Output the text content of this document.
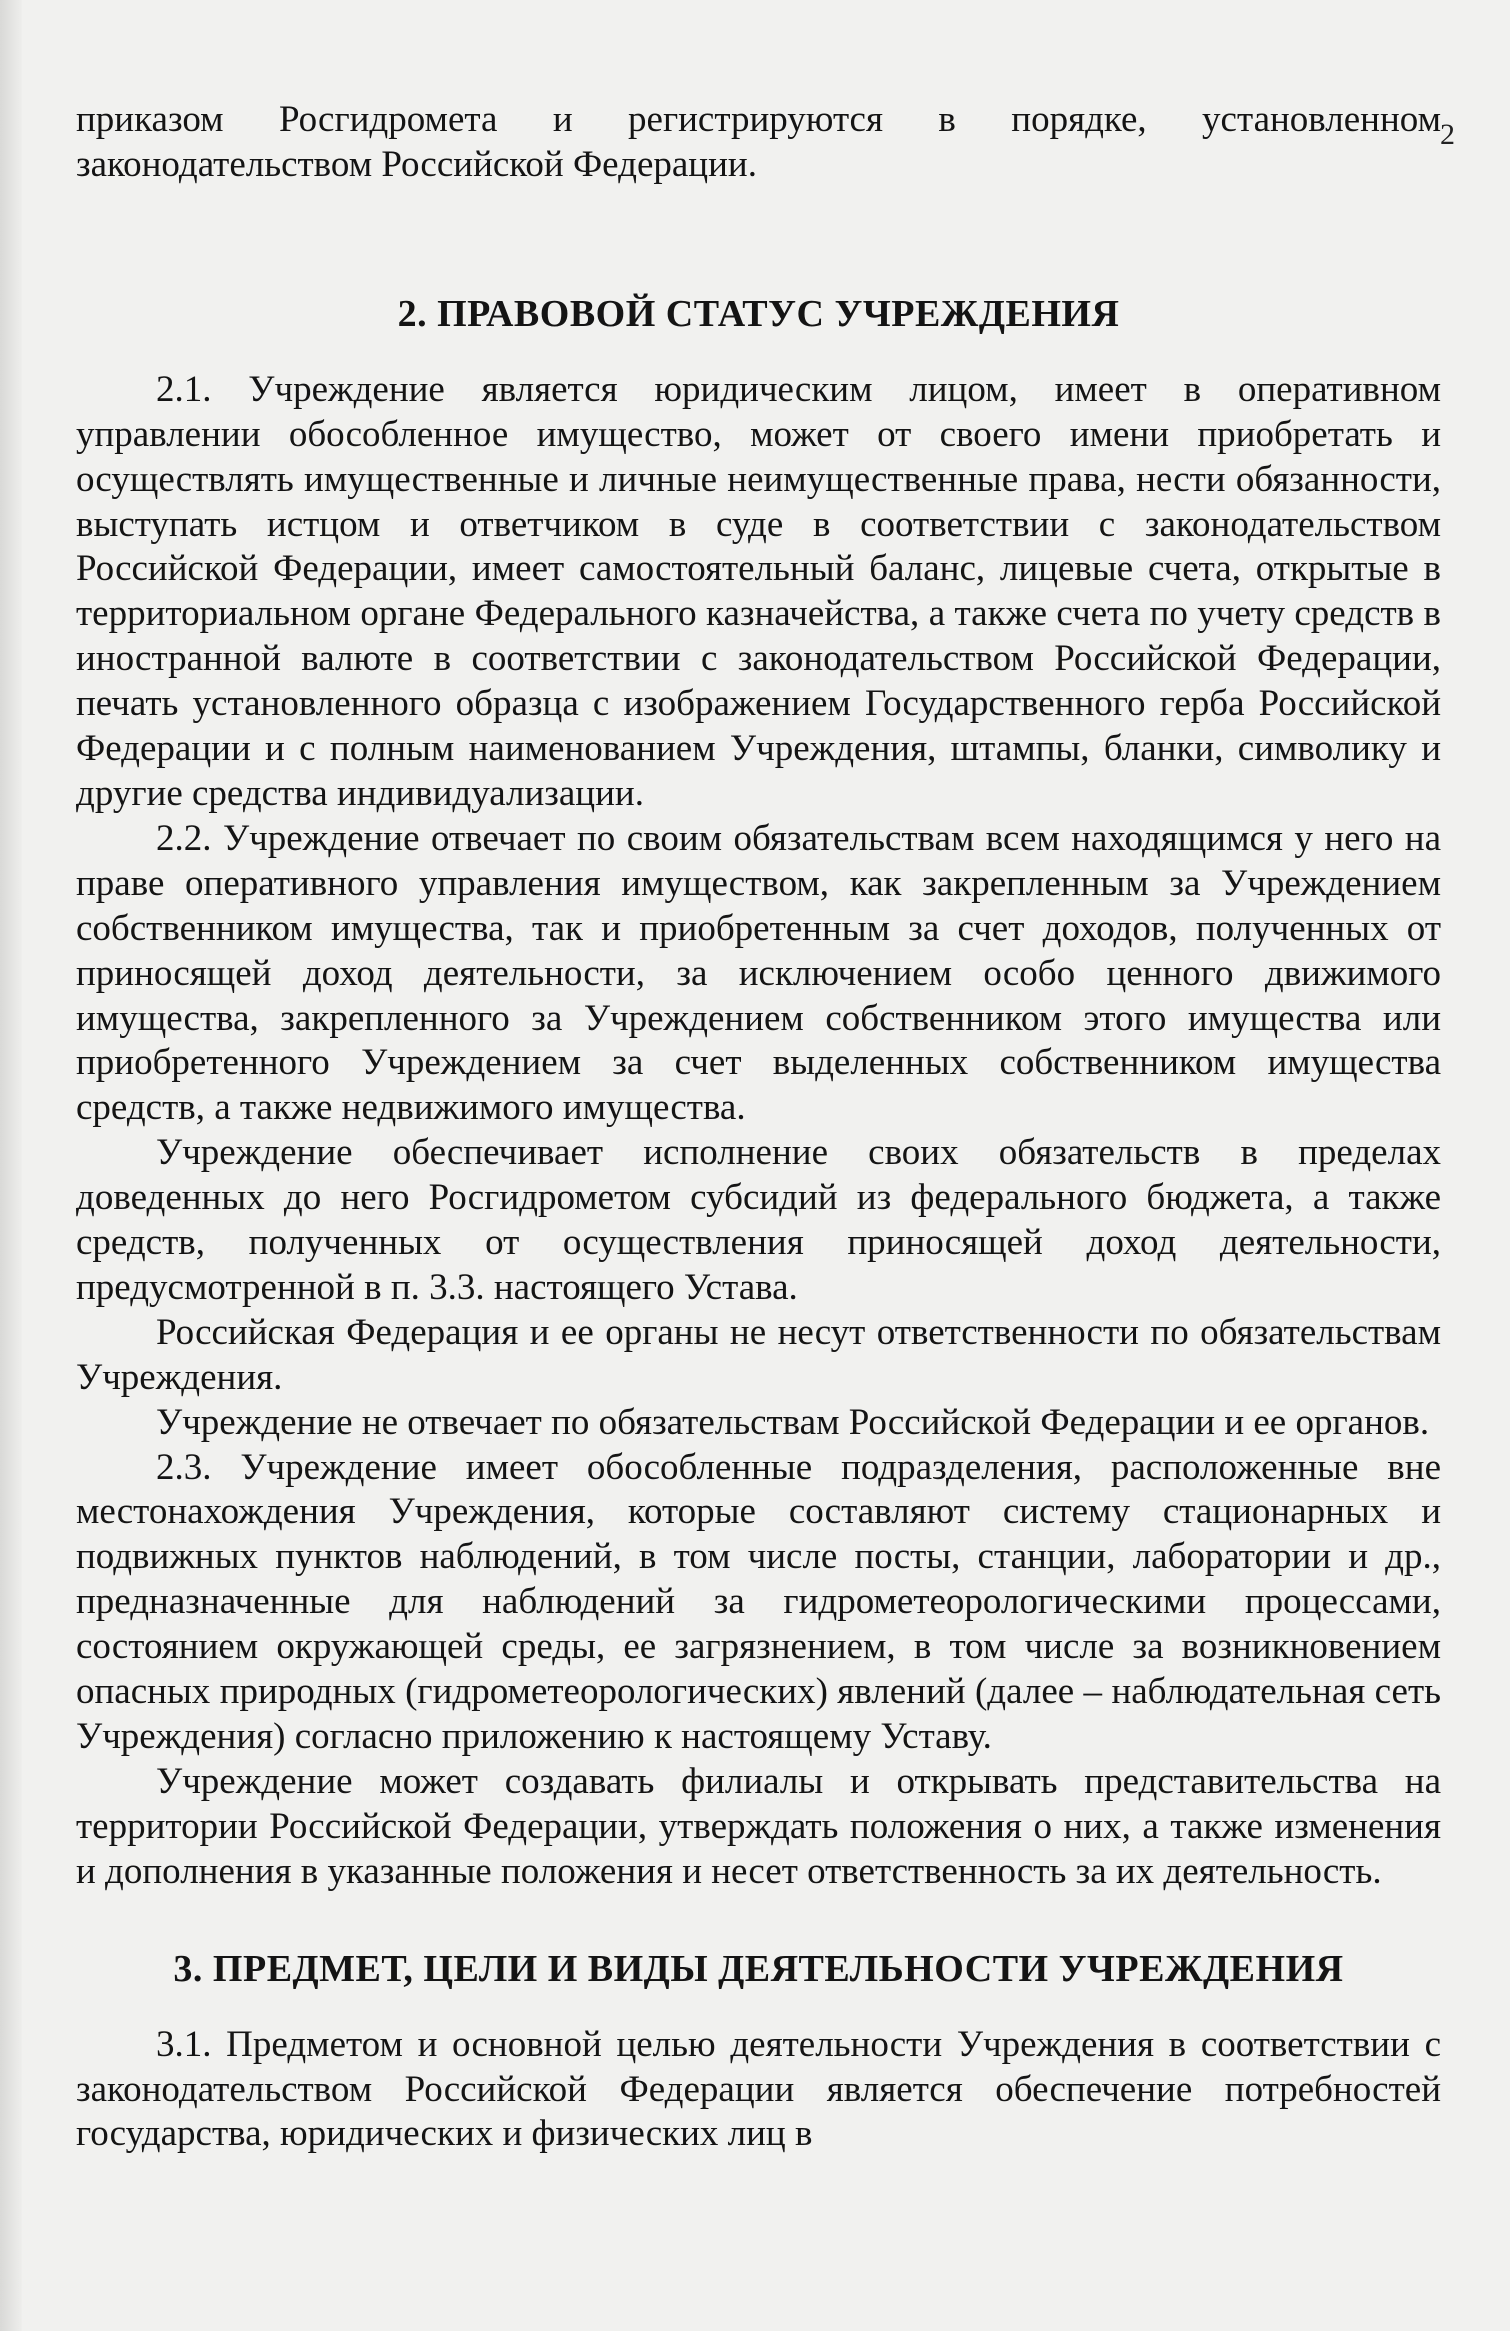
2

приказом Росгидромета и регистрируются в порядке, установленном законодательством Российской Федерации.

2. ПРАВОВОЙ СТАТУС УЧРЕЖДЕНИЯ

2.1. Учреждение является юридическим лицом, имеет в оперативном управлении обособленное имущество, может от своего имени приобретать и осуществлять имущественные и личные неимущественные права, нести обязанности, выступать истцом и ответчиком в суде в соответствии с законодательством Российской Федерации, имеет самостоятельный баланс, лицевые счета, открытые в территориальном органе Федерального казначейства, а также счета по учету средств в иностранной валюте в соответствии с законодательством Российской Федерации, печать установленного образца с изображением Государственного герба Российской Федерации и с полным наименованием Учреждения, штампы, бланки, символику и другие средства индивидуализации.

2.2. Учреждение отвечает по своим обязательствам всем находящимся у него на праве оперативного управления имуществом, как закрепленным за Учреждением собственником имущества, так и приобретенным за счет доходов, полученных от приносящей доход деятельности, за исключением особо ценного движимого имущества, закрепленного за Учреждением собственником этого имущества или приобретенного Учреждением за счет выделенных собственником имущества средств, а также недвижимого имущества.

Учреждение обеспечивает исполнение своих обязательств в пределах доведенных до него Росгидрометом субсидий из федерального бюджета, а также средств, полученных от осуществления приносящей доход деятельности, предусмотренной в п. 3.3. настоящего Устава.

Российская Федерация и ее органы не несут ответственности по обязательствам Учреждения.

Учреждение не отвечает по обязательствам Российской Федерации и ее органов.

2.3. Учреждение имеет обособленные подразделения, расположенные вне местонахождения Учреждения, которые составляют систему стационарных и подвижных пунктов наблюдений, в том числе посты, станции, лаборатории и др., предназначенные для наблюдений за гидрометеорологическими процессами, состоянием окружающей среды, ее загрязнением, в том числе за возникновением опасных природных (гидрометеорологических) явлений (далее – наблюдательная сеть Учреждения) согласно приложению к настоящему Уставу.

Учреждение может создавать филиалы и открывать представительства на территории Российской Федерации, утверждать положения о них, а также изменения и дополнения в указанные положения и несет ответственность за их деятельность.

3. ПРЕДМЕТ, ЦЕЛИ И ВИДЫ ДЕЯТЕЛЬНОСТИ УЧРЕЖДЕНИЯ

3.1. Предметом и основной целью деятельности Учреждения в соответствии с законодательством Российской Федерации является обеспечение потребностей государства, юридических и физических лиц в
